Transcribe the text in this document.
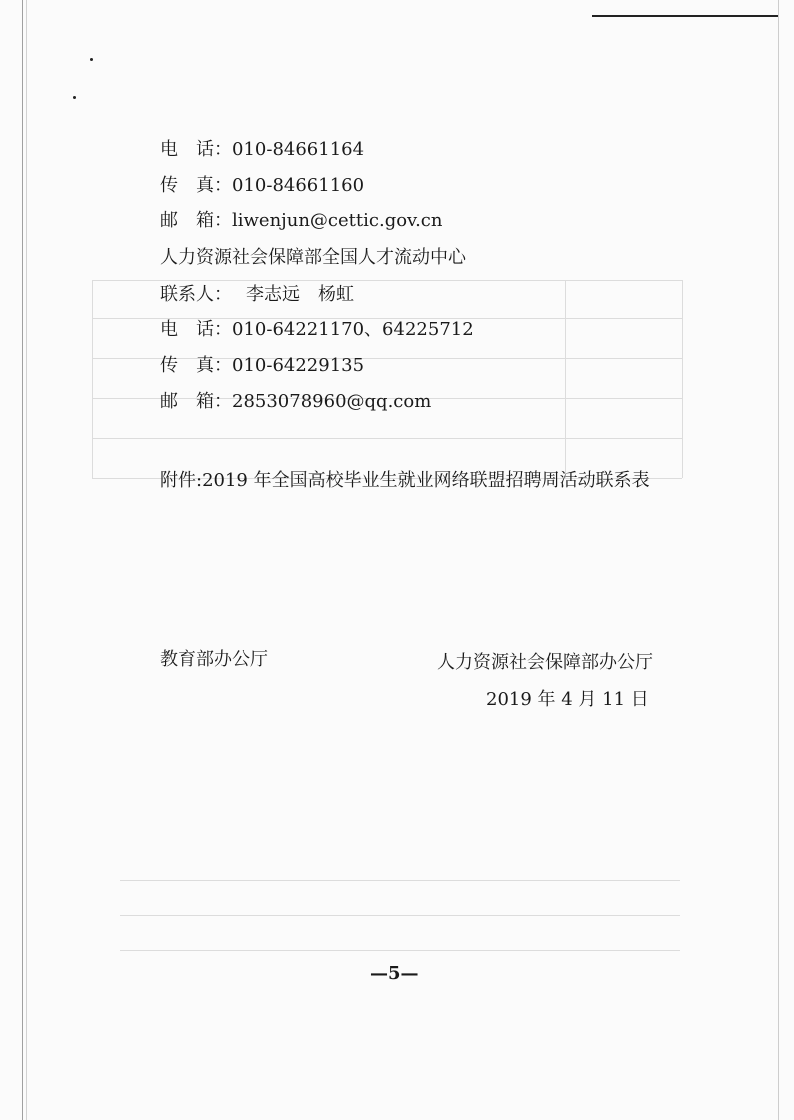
电　话：010-84661164
传　真：010-84661160
邮　箱：liwenjun@cettic.gov.cn
人力资源社会保障部全国人才流动中心
联系人： 李志远　杨虹
电　话：010-64221170、64225712
传　真：010-64229135
邮　箱：2853078960@qq.com
附件:2019 年全国高校毕业生就业网络联盟招聘周活动联系表
教育部办公厅	人力资源社会保障部办公厅
2019 年 4 月 11 日
—5—
